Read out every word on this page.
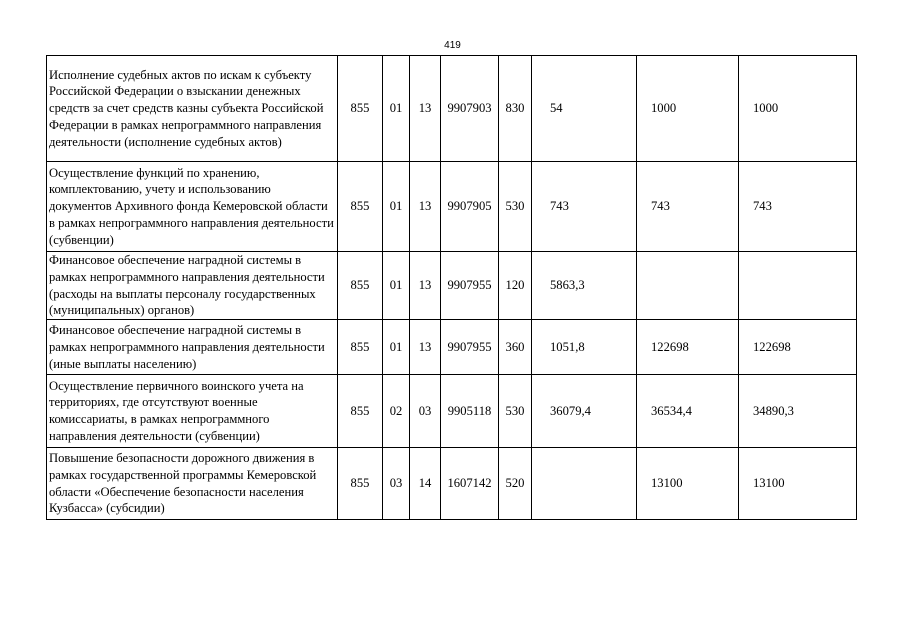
419
Исполнение судебных актов по искам к субъекту Российской Федерации о взыскании денежных средств за счет средств казны субъекта Российской Федерации в рамках непрограммного направления деятельности (исполнение судебных актов)	855	01	13	9907903	830	54	1000	1000
Осуществление функций по хранению, комплектованию, учету и использованию документов Архивного фонда Кемеровской области в рамках непрограммного направления деятельности (субвенции)	855	01	13	9907905	530	743	743	743
Финансовое обеспечение наградной системы в рамках непрограммного направления деятельности (расходы на выплаты персоналу государственных (муниципальных) органов)	855	01	13	9907955	120	5863,3		
Финансовое обеспечение наградной системы в рамках непрограммного направления деятельности (иные выплаты населению)	855	01	13	9907955	360	1051,8	122698	122698
Осуществление первичного воинского учета на территориях, где отсутствуют военные комиссариаты, в рамках непрограммного направления деятельности (субвенции)	855	02	03	9905118	530	36079,4	36534,4	34890,3
Повышение безопасности дорожного движения в рамках государственной программы Кемеровской области «Обеспечение безопасности населения Кузбасса» (субсидии)	855	03	14	1607142	520		13100	13100
